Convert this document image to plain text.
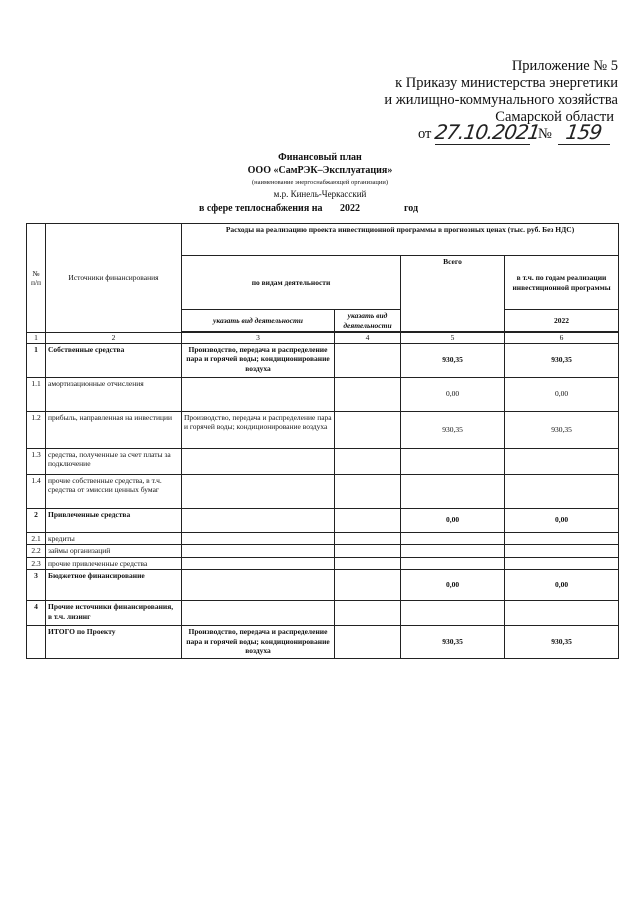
Приложение № 5
к Приказу министерства энергетики
и жилищно-коммунального хозяйства
Самарской области
от 27.10.2021
№ 159
Финансовый план
ООО «СамРЭК–Эксплуатация»
(наименование энергоснабжающей организации)
м.р. Кинель-Черкасский
в сфере теплоснабжения на 2022	год
№ п/п	Источники финансирования	Расходы на реализацию проекта инвестиционной программы в прогнозных ценах (тыс. руб. Без НДС)			
		по видам деятельности		Всего	в т.ч. по годам реализации инвестиционной программы
		указать вид деятельности	указать вид деятельности		2022

1	2	3	4	5	6
1	Собственные средства	Производство, передача и распределение пара и горячей воды; кондиционирование воздуха		930,35	930,35
1.1	амортизационные отчисления			0,00	0,00
1.2	прибыль, направленная на инвестиции	Производство, передача и распределение пара и горячей воды; кондиционирование воздуха		930,35	930,35
1.3	средства, полученные за счет платы за подключение				
1.4	прочие собственные средства, в т.ч. средства от эмиссии ценных бумаг				
2	Привлеченные средства			0,00	0,00
2.1	кредиты				
2.2	займы организаций				
2.3	прочие привлеченные средства				
3	Бюджетное финансирование			0,00	0,00
4	Прочие источники финансирования, в т.ч. лизинг				
	ИТОГО по Проекту	Производство, передача и распределение пара и горячей воды; кондиционирование воздуха		930,35	930,35
